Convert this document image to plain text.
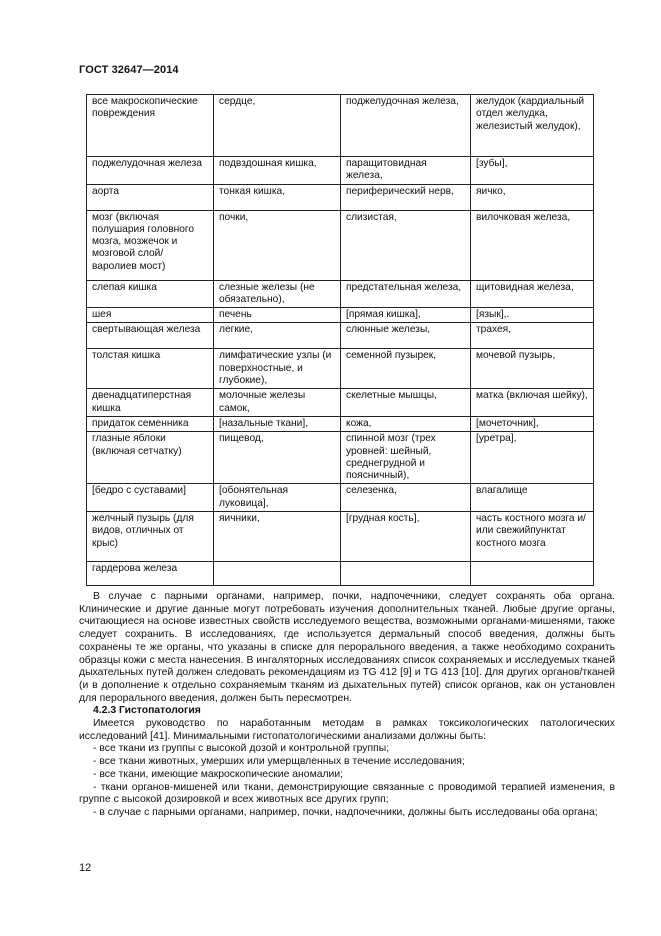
ГОСТ 32647—2014
все макроскопические повреждения	сердце,	поджелудочная железа,	желудок (кардиальный отдел желудка, железистый желудок),
поджелудочная железа	подвздошная кишка,	паращитовидная железа,	[зубы],
аорта	тонкая кишка,	периферический нерв,	яичко,
мозг (включая полушария головного мозга, мозжечок и мозговой слой/ варолиев мост)	почки,	слизистая,	вилочковая железа,
слепая кишка	слезные железы (не обязательно),	предстательная железа,	щитовидная железа,
шея	печень	[прямая кишка],	[язык],.
свертывающая железа	легкие,	слюнные железы,	трахея,
толстая кишка	лимфатические узлы (и поверхностные, и глубокие),	семенной пузырек,	мочевой пузырь,
двенадцатиперстная кишка	молочные железы самок,	скелетные мышцы,	матка (включая шейку),
придаток семенника	[назальные ткани],	кожа,	[мочеточник],
глазные яблоки (включая сетчатку)	пищевод,	спинной мозг (трех уровней: шейный, среднегрудной и поясничный),	[уретра],
[бедро с суставами]	[обонятельная луковица],	селезенка,	влагалище
желчный пузырь (для видов, отличных от крыс)	яичники,	[грудная кость],	часть костного мозга и/или свежийпунктат костного мозга
гардерова железа			

В случае с парными органами, например, почки, надпочечники, следует сохранять оба органа. Клинические и другие данные могут потребовать изучения дополнительных тканей. Любые другие органы, считающиеся на основе известных свойств исследуемого вещества, возможными органами-мишенями, также следует сохранить. В исследованиях, где используется дермальный способ введения, должны быть сохранены те же органы, что указаны в списке для перорального введения, а также необходимо сохранить образцы кожи с места нанесения. В ингаляторных исследованиях список сохраняемых и исследуемых тканей дыхательных путей должен следовать рекомендациям из TG 412 [9] и TG 413 [10]. Для других органов/тканей (и в дополнение к отдельно сохраняемым тканям из дыхательных путей) список органов, как он установлен для перорального введения, должен быть пересмотрен.

4.2.3 Гистопатология

Имеется руководство по наработанным методам в рамках токсикологических патологических исследований [41]. Минимальными гистопатологическими анализами должны быть:

- все ткани из группы с высокой дозой и контрольной группы;

- все ткани животных, умерших или умерщвленных в течение исследования;

- все ткани, имеющие макроскопические аномалии;

- ткани органов-мишеней или ткани, демонстрирующие связанные с проводимой терапией изменения, в группе с высокой дозировкой и всех животных все других групп;

- в случае с парными органами, например, почки, надпочечники, должны быть исследованы оба органа;

12
